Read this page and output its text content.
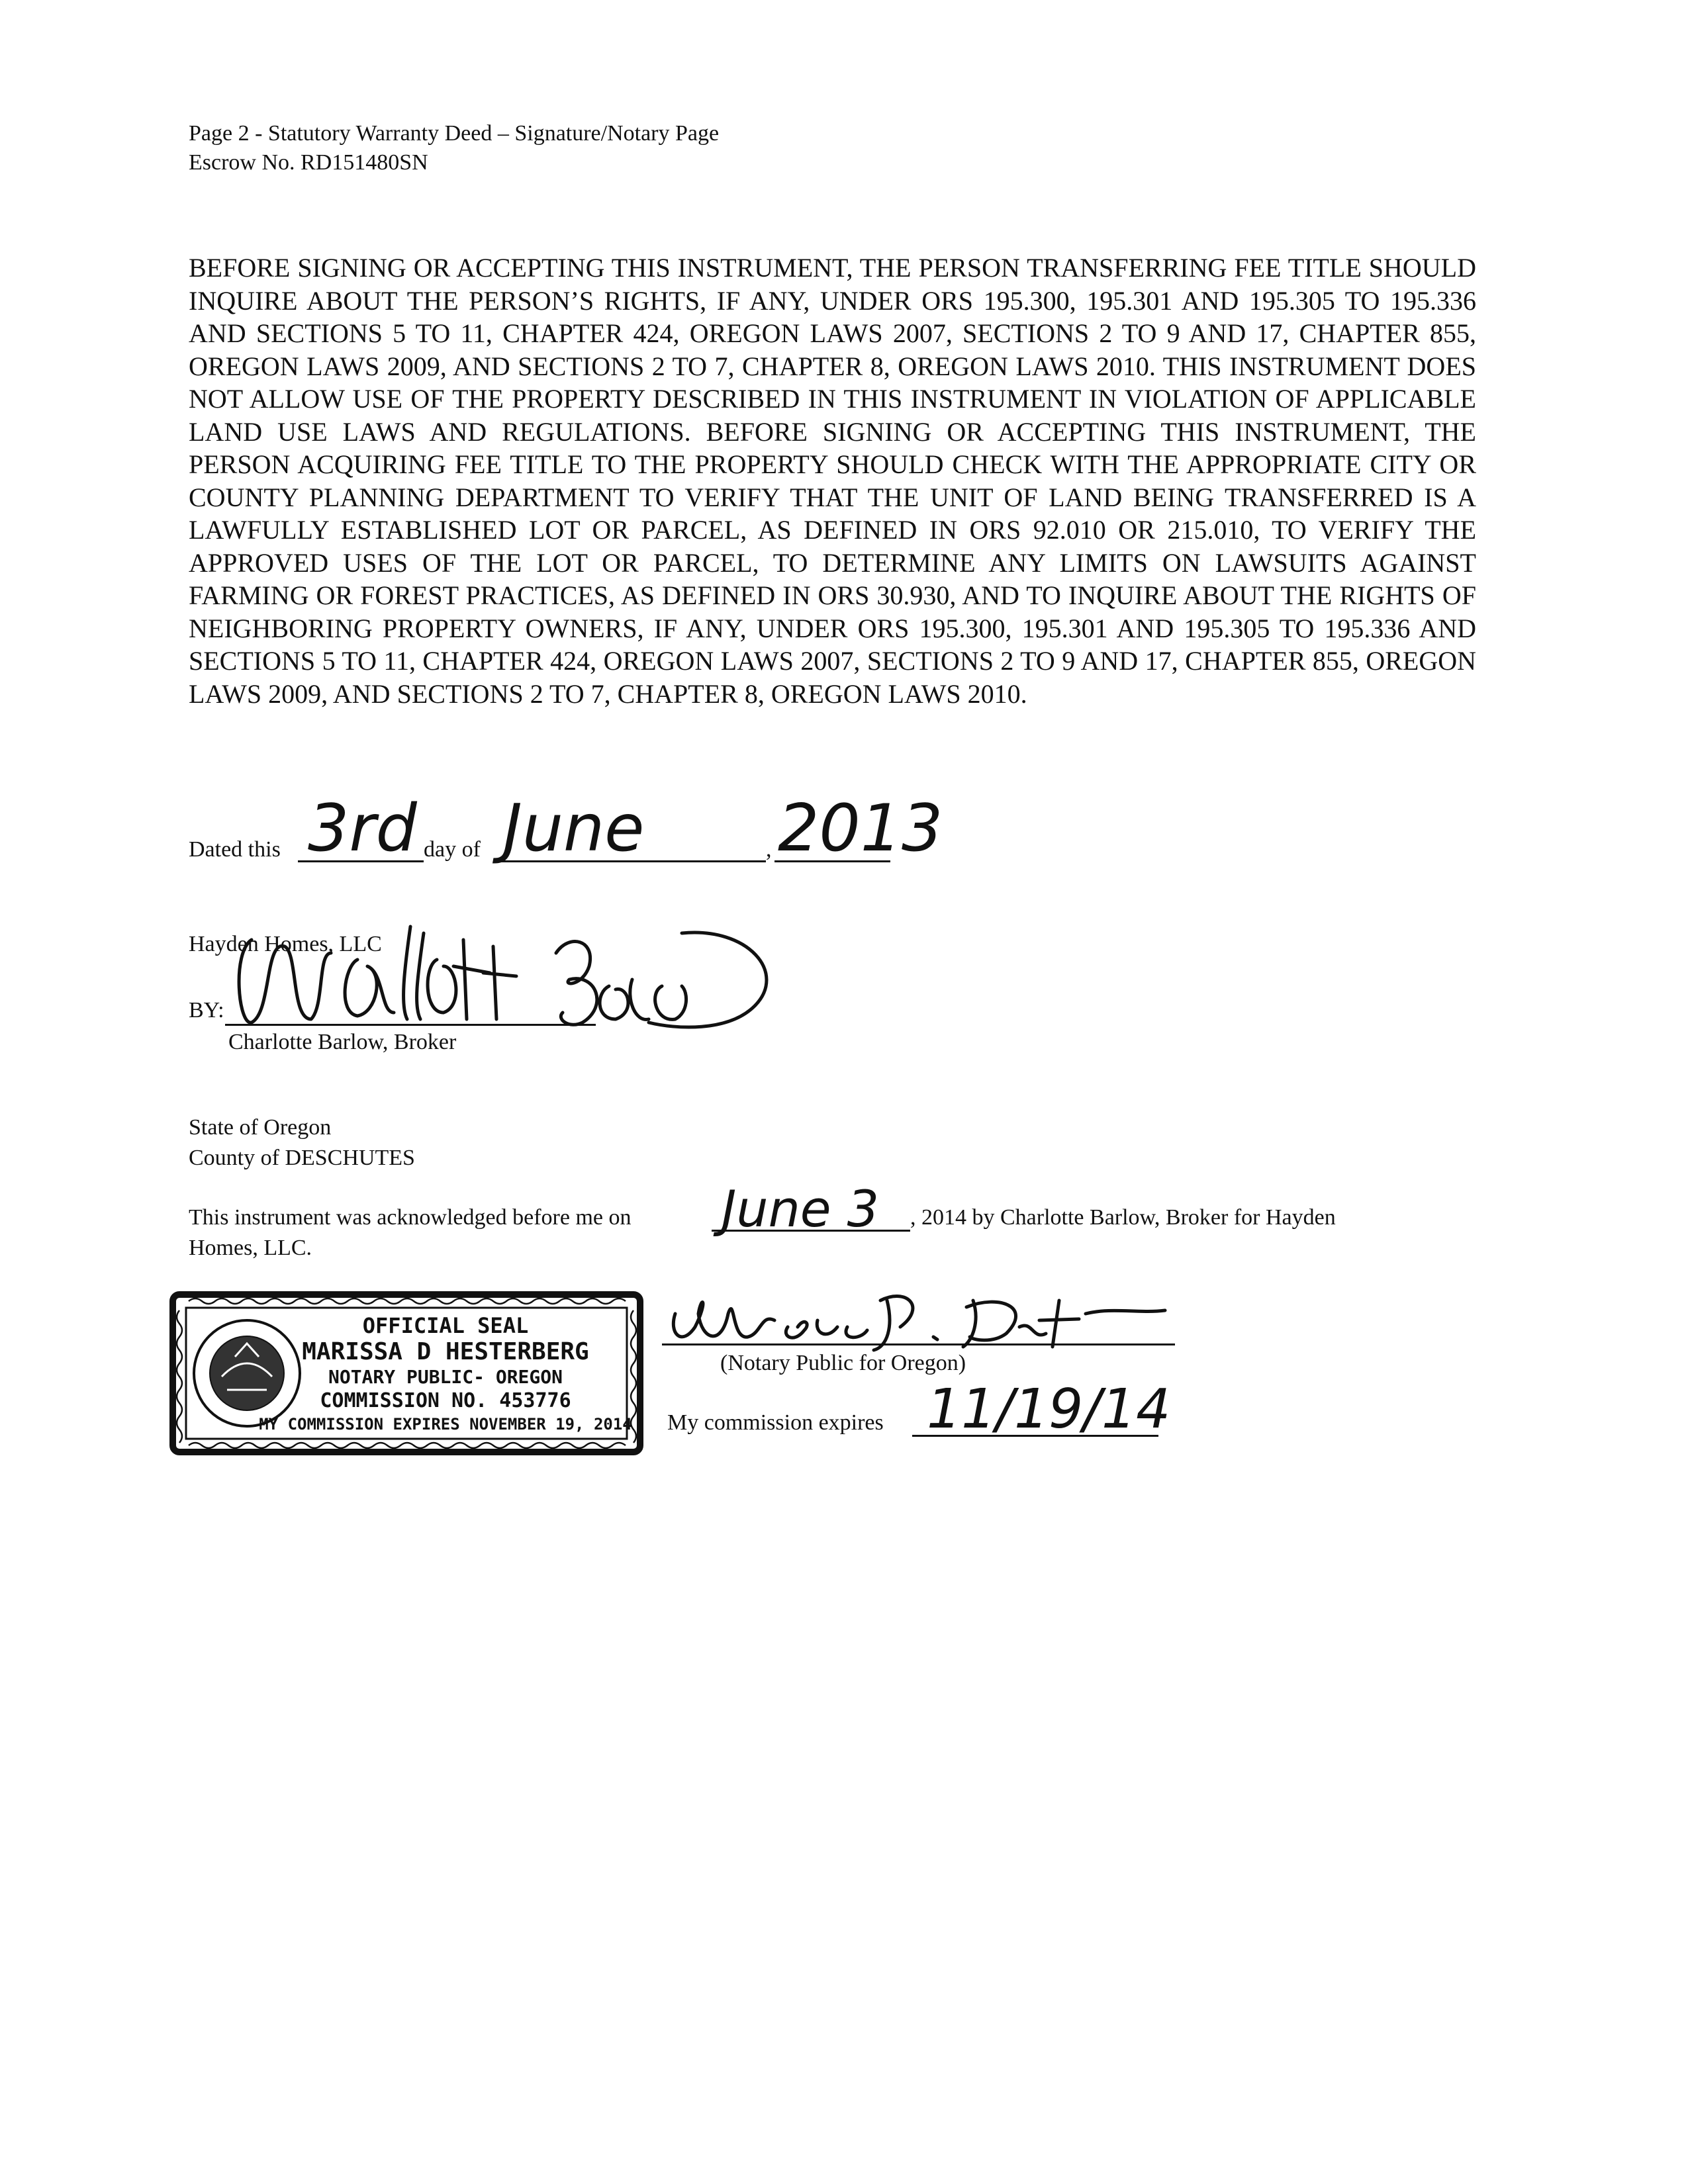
Page 2 - Statutory Warranty Deed – Signature/Notary Page
Escrow No. RD151480SN
BEFORE SIGNING OR ACCEPTING THIS INSTRUMENT, THE PERSON TRANSFERRING FEE TITLE SHOULD INQUIRE ABOUT THE PERSON’S RIGHTS, IF ANY, UNDER ORS 195.300, 195.301 AND 195.305 TO 195.336 AND SECTIONS 5 TO 11, CHAPTER 424, OREGON LAWS 2007, SECTIONS 2 TO 9 AND 17, CHAPTER 855, OREGON LAWS 2009, AND SECTIONS 2 TO 7, CHAPTER 8, OREGON LAWS 2010. THIS INSTRUMENT DOES NOT ALLOW USE OF THE PROPERTY DESCRIBED IN THIS INSTRUMENT IN VIOLATION OF APPLICABLE LAND USE LAWS AND REGULATIONS. BEFORE SIGNING OR ACCEPTING THIS INSTRUMENT, THE PERSON ACQUIRING FEE TITLE TO THE PROPERTY SHOULD CHECK WITH THE APPROPRIATE CITY OR COUNTY PLANNING DEPARTMENT TO VERIFY THAT THE UNIT OF LAND BEING TRANSFERRED IS A LAWFULLY ESTABLISHED LOT OR PARCEL, AS DEFINED IN ORS 92.010 OR 215.010, TO VERIFY THE APPROVED USES OF THE LOT OR PARCEL, TO DETERMINE ANY LIMITS ON LAWSUITS AGAINST FARMING OR FOREST PRACTICES, AS DEFINED IN ORS 30.930, AND TO INQUIRE ABOUT THE RIGHTS OF NEIGHBORING PROPERTY OWNERS, IF ANY, UNDER ORS 195.300, 195.301 AND 195.305 TO 195.336 AND SECTIONS 5 TO 11, CHAPTER 424, OREGON LAWS 2007, SECTIONS 2 TO 9 AND 17, CHAPTER 855, OREGON LAWS 2009, AND SECTIONS 2 TO 7, CHAPTER 8, OREGON LAWS 2010.
Dated this 3rd day of June	, 2013
Hayden Homes, LLC
BY:
Charlotte Barlow, Broker
State of Oregon
County of DESCHUTES
This instrument was acknowledged before me on June 3 , 2014 by Charlotte Barlow, Broker for Hayden
Homes, LLC.
OFFICIAL SEAL
MARISSA D HESTERBERG
NOTARY PUBLIC- OREGON
COMMISSION NO. 453776
MY COMMISSION EXPIRES NOVEMBER 19, 2014
(Notary Public for Oregon)
My commission expires 11/19/14
